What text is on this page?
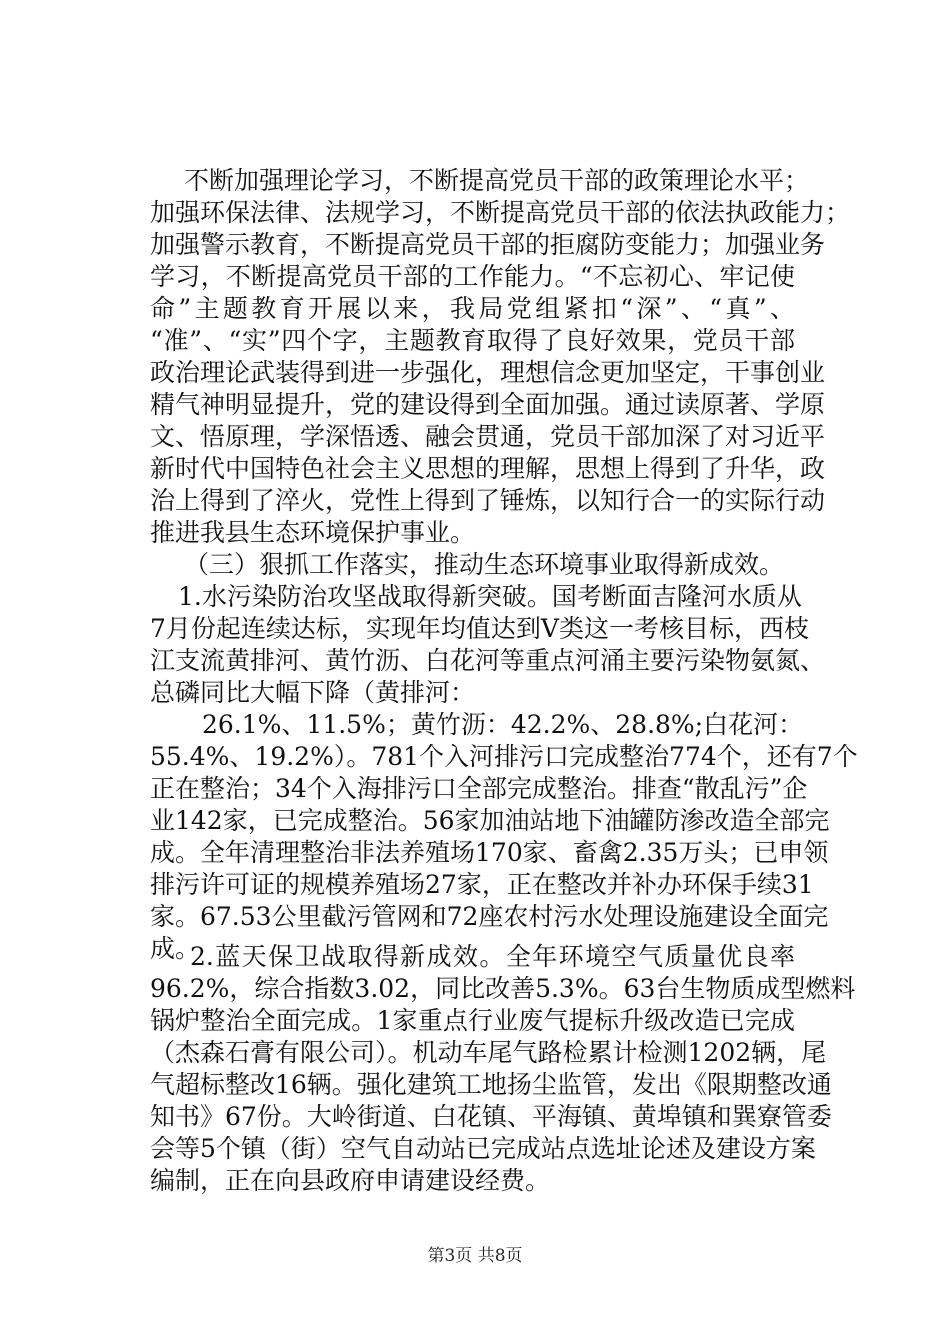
不断加强理论学习，不断提高党员干部的政策理论水平；
加强环保法律、法规学习，不断提高党员干部的依法执政能力；
加强警示教育，不断提高党员干部的拒腐防变能力；加强业务
学习，不断提高党员干部的工作能力。“不忘初心、牢记使
命”主题教育开展以来，我局党组紧扣“深”、“真”、
“准”、“实”四个字，主题教育取得了良好效果，党员干部
政治理论武装得到进一步强化，理想信念更加坚定，干事创业
精气神明显提升，党的建设得到全面加强。通过读原著、学原
文、悟原理，学深悟透、融会贯通，党员干部加深了对习近平
新时代中国特色社会主义思想的理解，思想上得到了升华，政
治上得到了淬火，党性上得到了锤炼，以知行合一的实际行动
推进我县生态环境保护事业。
（三）狠抓工作落实，推动生态环境事业取得新成效。
1.水污染防治攻坚战取得新突破。国考断面吉隆河水质从
7月份起连续达标，实现年均值达到Ⅴ类这一考核目标，西枝
江支流黄排河、黄竹沥、白花河等重点河涌主要污染物氨氮、
总磷同比大幅下降（黄排河：
26.1%、11.5%；黄竹沥：42.2%、28.8%;白花河：
55.4%、19.2%）。781个入河排污口完成整治774个，还有7个
正在整治；34个入海排污口全部完成整治。排查“散乱污”企
业142家，已完成整治。56家加油站地下油罐防渗改造全部完
成。全年清理整治非法养殖场170家、畜禽2.35万头；已申领
排污许可证的规模养殖场27家，正在整改并补办环保手续31
家。67.53公里截污管网和72座农村污水处理设施建设全面完
成。
2.蓝天保卫战取得新成效。全年环境空气质量优良率
96.2%，综合指数3.02，同比改善5.3%。63台生物质成型燃料
锅炉整治全面完成。1家重点行业废气提标升级改造已完成
（杰森石膏有限公司）。机动车尾气路检累计检测1202辆，尾
气超标整改16辆。强化建筑工地扬尘监管，发出《限期整改通
知书》67份。大岭街道、白花镇、平海镇、黄埠镇和巽寮管委
会等5个镇（街）空气自动站已完成站点选址论述及建设方案
编制，正在向县政府申请建设经费。
第3页 共8页
